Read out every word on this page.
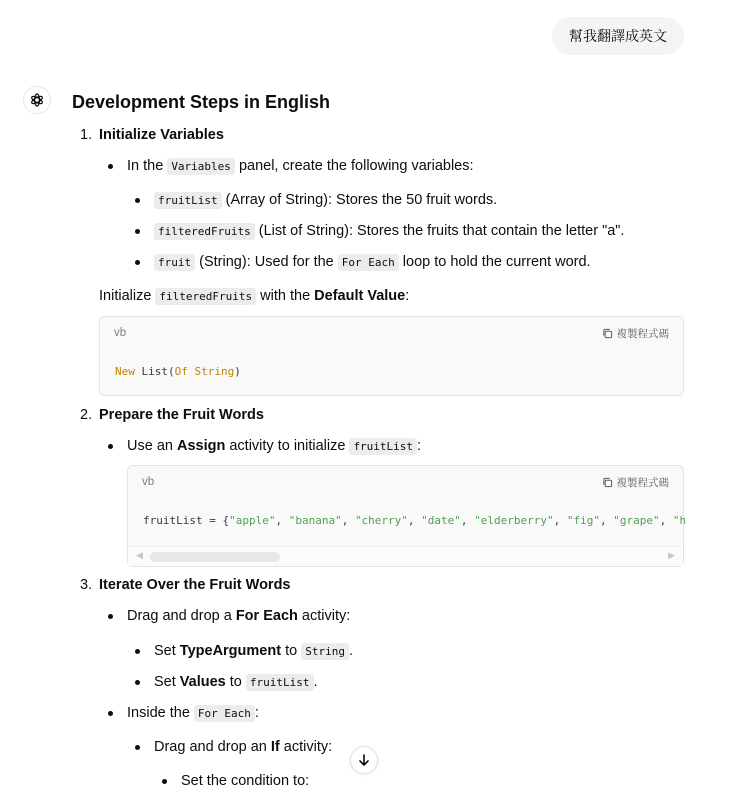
幫我翻譯成英文
Development Steps in English
1. Initialize Variables
In the Variables panel, create the following variables:
fruitList (Array of String): Stores the 50 fruit words.
filteredFruits (List of String): Stores the fruits that contain the letter "a".
fruit (String): Used for the For Each loop to hold the current word.
Initialize filteredFruits with the Default Value:
vb	複製程式碼
New List(Of String)
2. Prepare the Fruit Words
Use an Assign activity to initialize fruitList :
vb	複製程式碼
fruitList = {"apple", "banana", "cherry", "date", "elderberry", "fig", "grape", "h
◀	▶
3. Iterate Over the Fruit Words
Drag and drop a For Each activity:
Set TypeArgument to String .
Set Values to fruitList .
Inside the For Each :
Drag and drop an If activity:
Set the condition to:
